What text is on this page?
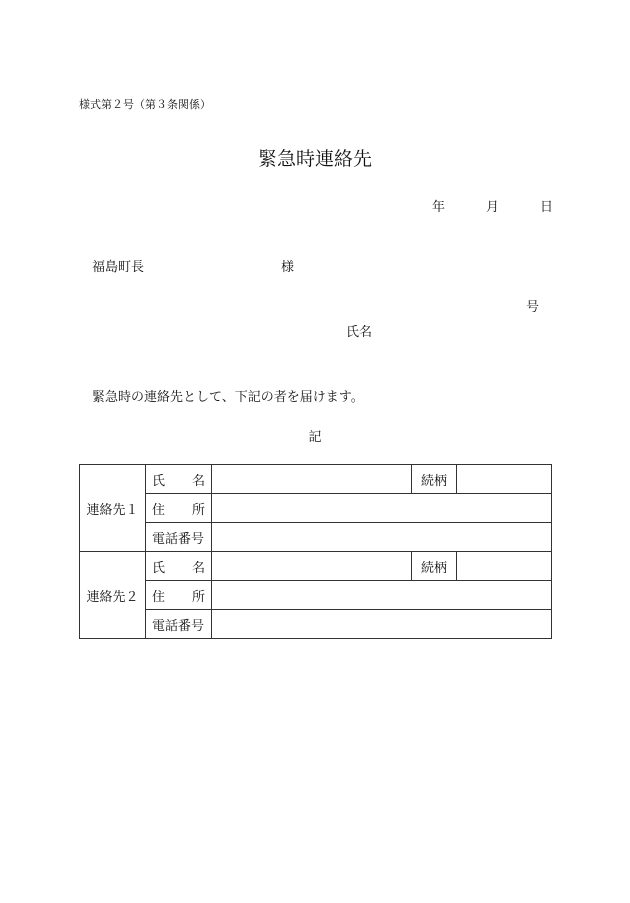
様式第２号（第３条関係）
緊急時連絡先
年	月	日
福島町長	様
号
氏名
緊急時の連絡先として、下記の者を届けます。
記
連絡先１	氏　名		続柄	
	住　所			
	電話番号			
連絡先２	氏　名		続柄	
	住　所			
	電話番号			
